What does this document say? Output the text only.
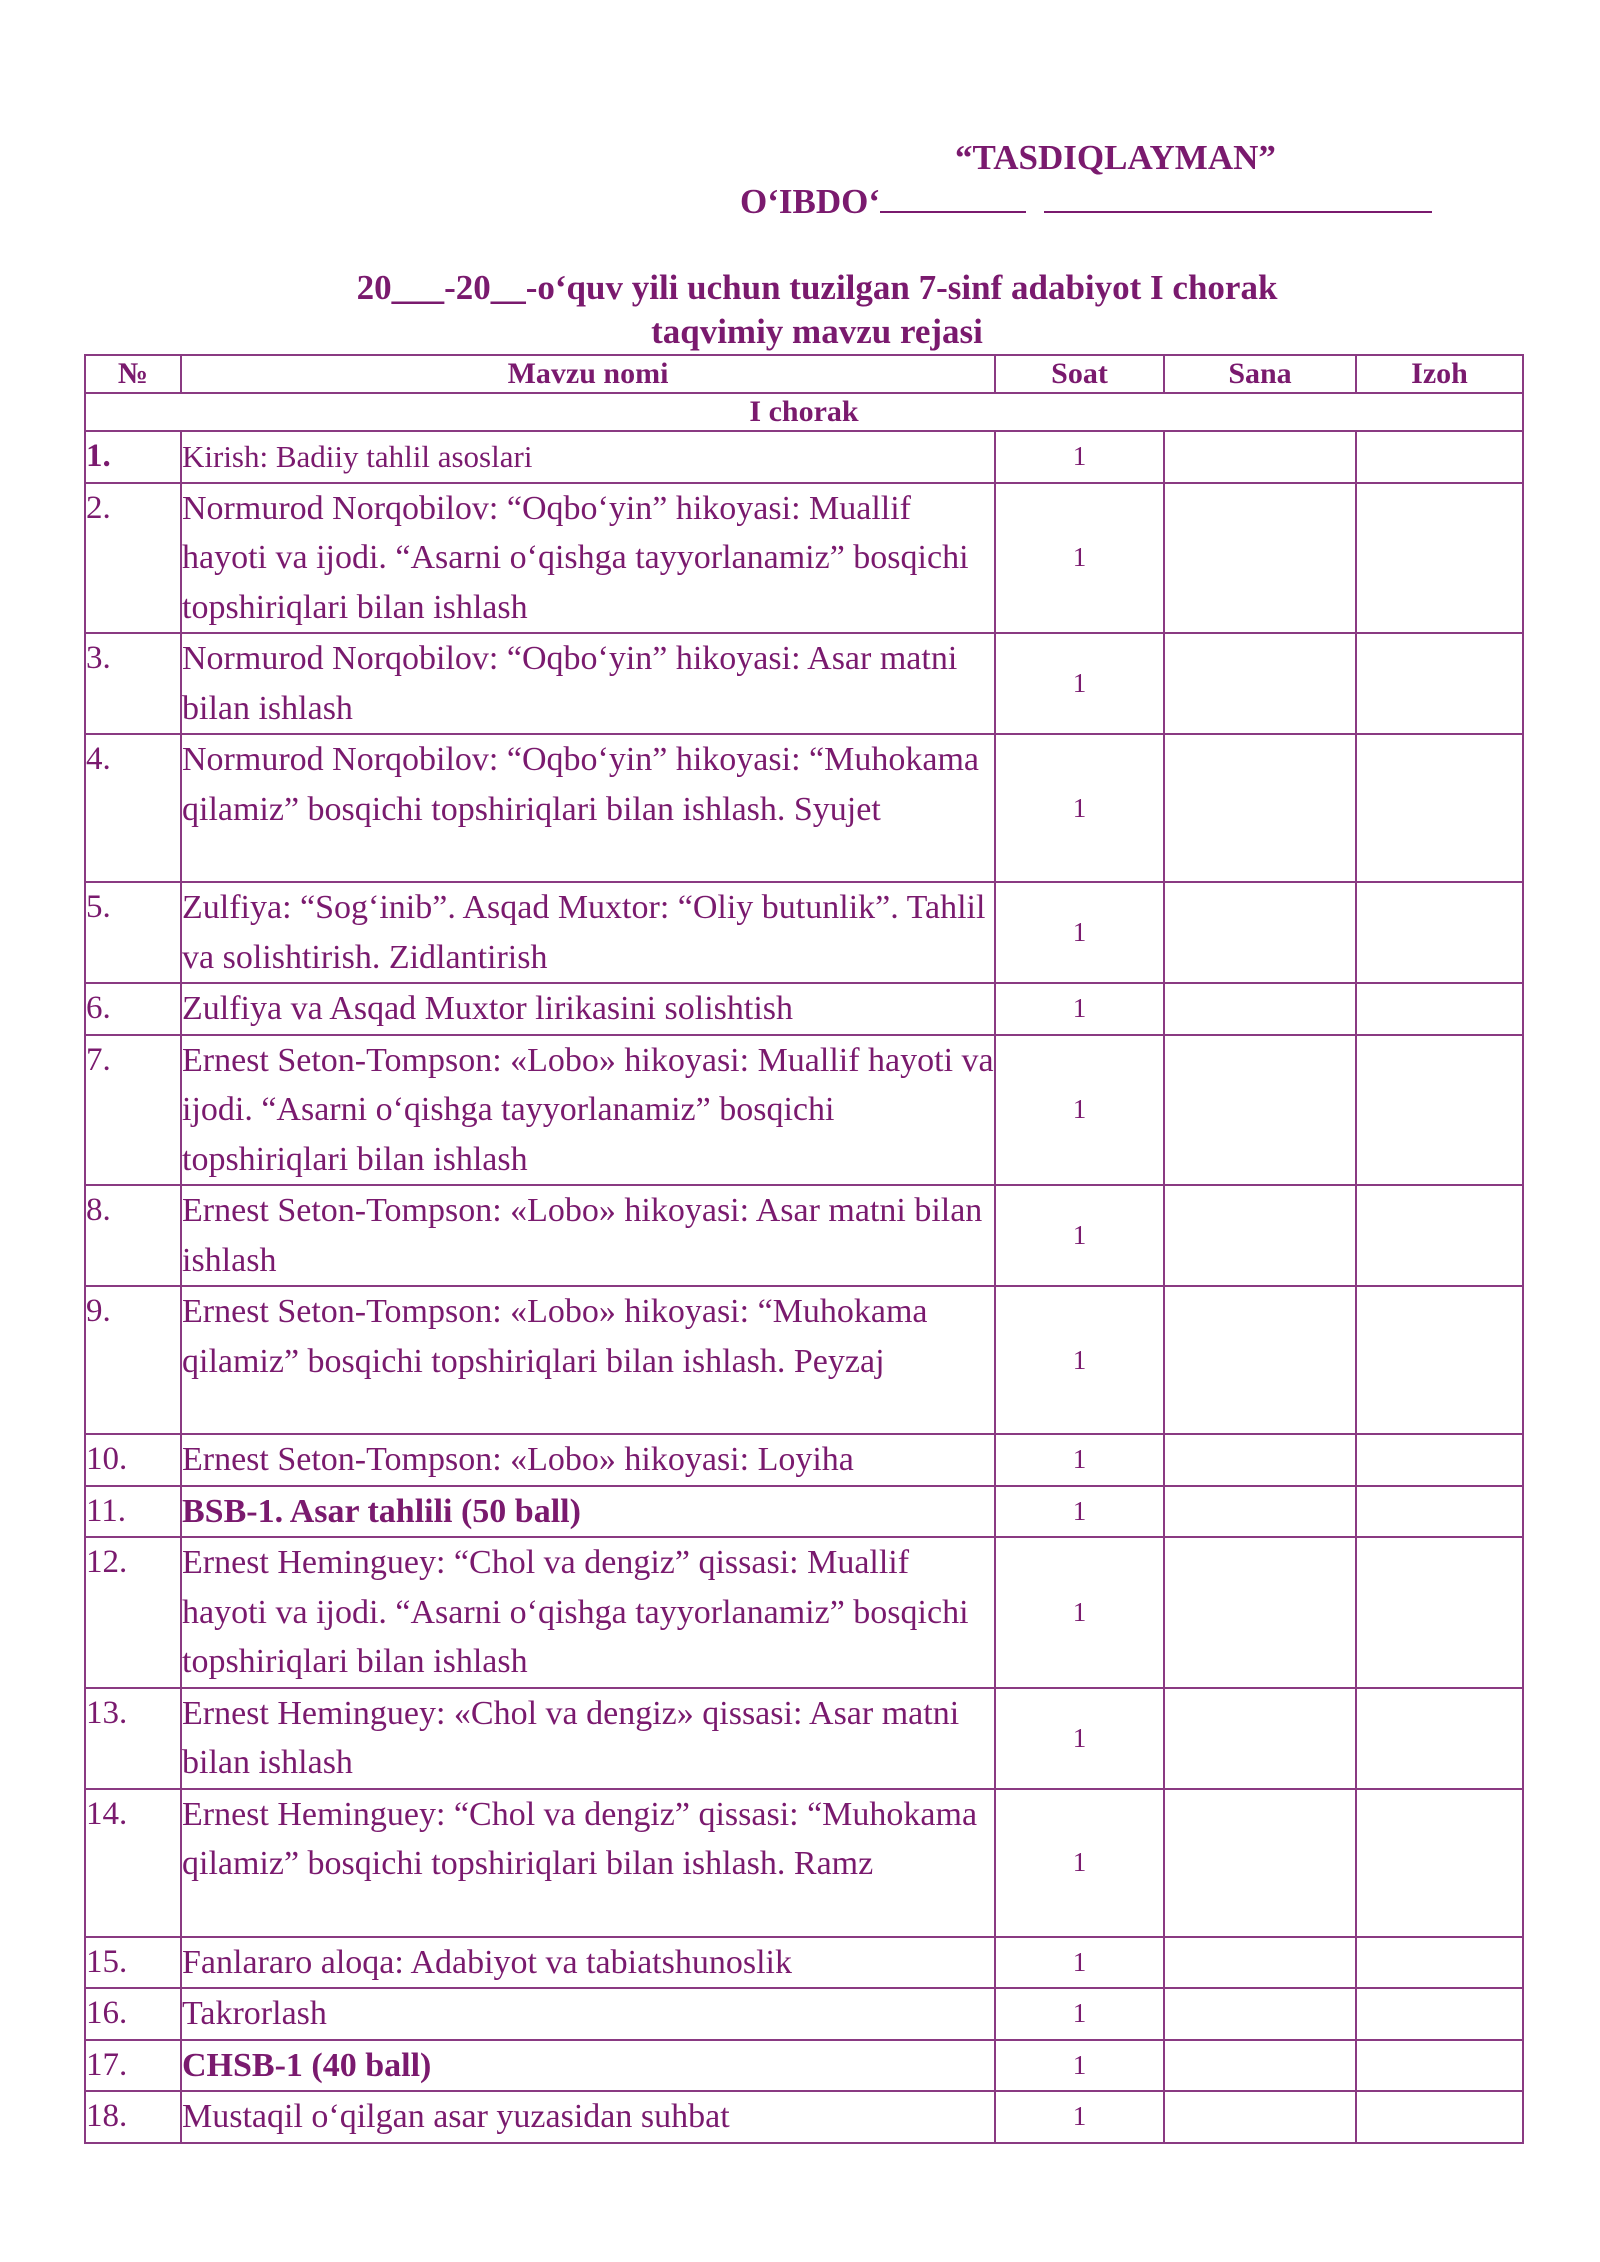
“TASDIQLAYMAN”
O‘IBDO‘
20___-20__-o‘quv yili uchun tuzilgan 7-sinf adabiyot I chorak
taqvimiy mavzu rejasi
№	Mavzu nomi	Soat	Sana	Izoh
I chorak				
1.	Kirish: Badiiy tahlil asoslari	1		
2.	Normurod Norqobilov: “Oqbo‘yin” hikoyasi: Muallif hayoti va ijodi. “Asarni o‘qishga tayyorlanamiz” bosqichi topshiriqlari bilan ishlash	1		
3.	Normurod Norqobilov: “Oqbo‘yin” hikoyasi: Asar matni bilan ishlash	1		
4.	Normurod Norqobilov: “Oqbo‘yin” hikoyasi: “Muhokama qilamiz” bosqichi topshiriqlari bilan ishlash. Syujet	1		
5.	Zulfiya: “Sog‘inib”. Asqad Muxtor: “Oliy butunlik”. Tahlil va solishtirish. Zidlantirish	1		
6.	Zulfiya va Asqad Muxtor lirikasini solishtish	1		
7.	Ernest Seton-Tompson: «Lobo» hikoyasi: Muallif hayoti va ijodi. “Asarni o‘qishga tayyorlanamiz” bosqichi topshiriqlari bilan ishlash	1		
8.	Ernest Seton-Tompson: «Lobo» hikoyasi: Asar matni bilan ishlash	1		
9.	Ernest Seton-Tompson: «Lobo» hikoyasi: “Muhokama qilamiz” bosqichi topshiriqlari bilan ishlash. Peyzaj	1		
10.	Ernest Seton-Tompson: «Lobo» hikoyasi: Loyiha	1		
11.	BSB-1. Asar tahlili (50 ball)	1		
12.	Ernest Heminguey: “Chol va dengiz” qissasi: Muallif hayoti va ijodi. “Asarni o‘qishga tayyorlanamiz” bosqichi topshiriqlari bilan ishlash	1		
13.	Ernest Heminguey: «Chol va dengiz» qissasi: Asar matni bilan ishlash	1		
14.	Ernest Heminguey: “Chol va dengiz” qissasi: “Muhokama qilamiz” bosqichi topshiriqlari bilan ishlash. Ramz	1		
15.	Fanlararo aloqa: Adabiyot va tabiatshunoslik	1		
16.	Takrorlash	1		
17.	CHSB-1 (40 ball)	1		
18.	Mustaqil o‘qilgan asar yuzasidan suhbat	1		
